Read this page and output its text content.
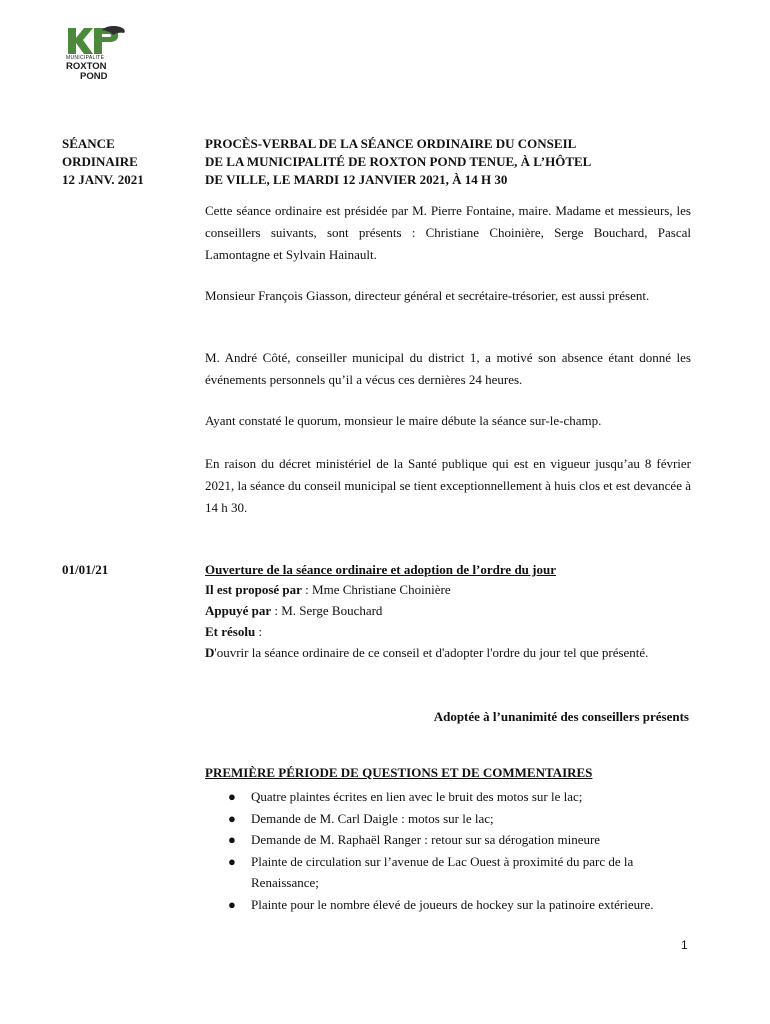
MUNICIPALITÉ
ROXTON
POND
SÉANCE
ORDINAIRE
12 JANV. 2021
PROCÈS-VERBAL DE LA SÉANCE ORDINAIRE DU CONSEIL
DE LA MUNICIPALITÉ DE ROXTON POND TENUE, À L’HÔTEL
DE VILLE, LE MARDI 12 JANVIER 2021, À 14 H 30
Cette séance ordinaire est présidée par M. Pierre Fontaine, maire. Madame et messieurs, les conseillers suivants, sont présents : Christiane Choinière, Serge Bouchard, Pascal Lamontagne et Sylvain Hainault.
Monsieur François Giasson, directeur général et secrétaire-trésorier, est aussi présent.
M. André Côté, conseiller municipal du district 1, a motivé son absence étant donné les événements personnels qu’il a vécus ces dernières 24 heures.
Ayant constaté le quorum, monsieur le maire débute la séance sur-le-champ.
En raison du décret ministériel de la Santé publique qui est en vigueur jusqu’au 8 février 2021, la séance du conseil municipal se tient exceptionnellement à huis clos et est devancée à 14 h 30.
01/01/21	Ouverture de la séance ordinaire et adoption de l’ordre du jour
Il est proposé par : Mme Christiane Choinière
Appuyé par : M. Serge Bouchard
Et résolu :
D'ouvrir la séance ordinaire de ce conseil et d'adopter l'ordre du jour tel que présenté.
Adoptée à l’unanimité des conseillers présents
PREMIÈRE PÉRIODE DE QUESTIONS ET DE COMMENTAIRES
● Quatre plaintes écrites en lien avec le bruit des motos sur le lac;
● Demande de M. Carl Daigle : motos sur le lac;
● Demande de M. Raphaël Ranger : retour sur sa dérogation mineure
● Plainte de circulation sur l’avenue de Lac Ouest à proximité du parc de la Renaissance;
● Plainte pour le nombre élevé de joueurs de hockey sur la patinoire extérieure.
1
